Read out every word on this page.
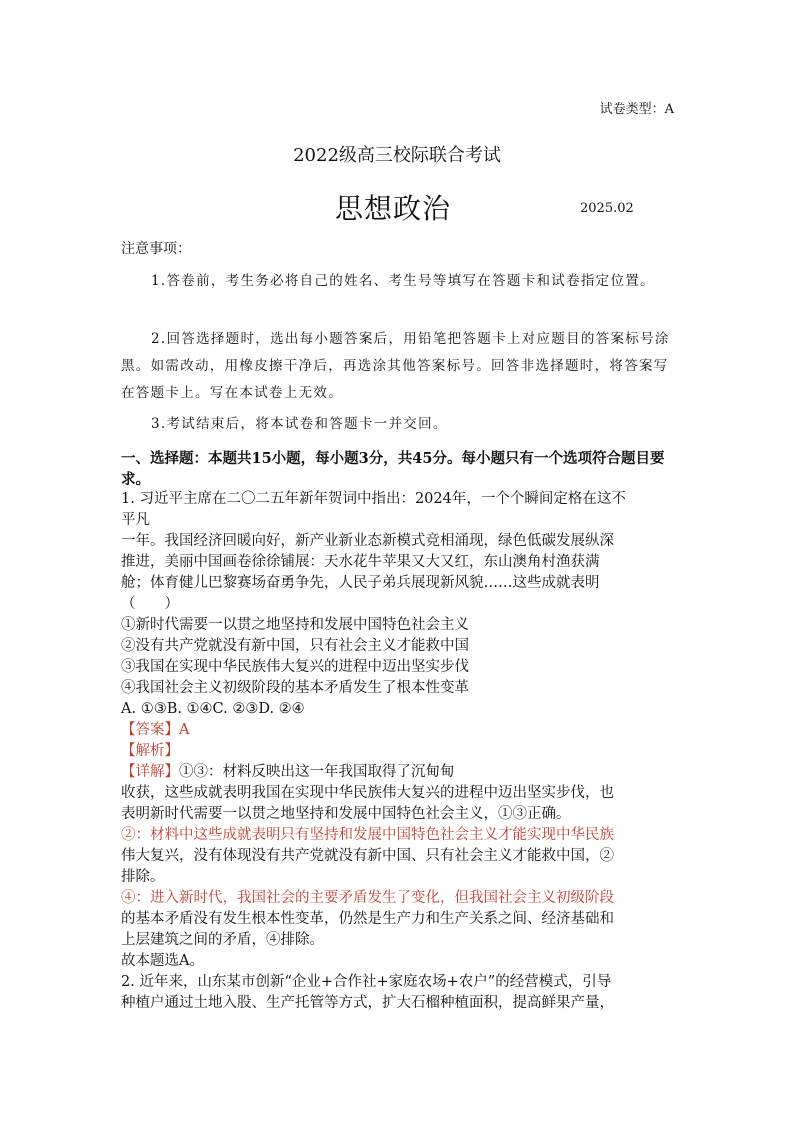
试卷类型：A
2022级高三校际联合考试
思想政治	2025.02
注意事项：

1.答卷前，考生务必将自己的姓名、考生号等填写在答题卡和试卷指定位置。

2.回答选择题时，选出每小题答案后，用铅笔把答题卡上对应题目的答案标号涂黑。如需改动，用橡皮擦干净后，再选涂其他答案标号。回答非选择题时，将答案写在答题卡上。写在本试卷上无效。

3.考试结束后，将本试卷和答题卡一并交回。

一、选择题：本题共15小题，每小题3分，共45分。每小题只有一个选项符合题目要求。
1. 习近平主席在二〇二五年新年贺词中指出：2024年，一个个瞬间定格在这不
平凡
一年。我国经济回暖向好，新产业新业态新模式竞相涌现，绿色低碳发展纵深
推进，美丽中国画卷徐徐铺展：天水花牛苹果又大又红，东山澳角村渔获满
舱；体育健儿巴黎赛场奋勇争先，人民子弟兵展现新风貌……这些成就表明
（　　）
①新时代需要一以贯之地坚持和发展中国特色社会主义
②没有共产党就没有新中国，只有社会主义才能救中国
③我国在实现中华民族伟大复兴的进程中迈出坚实步伐
④我国社会主义初级阶段的基本矛盾发生了根本性变革
A. ①③B. ①④C. ②③D. ②④
【答案】A
【解析】
【详解】①③：材料反映出这一年我国取得了沉甸甸
收获，这些成就表明我国在实现中华民族伟大复兴的进程中迈出坚实步伐，也
表明新时代需要一以贯之地坚持和发展中国特色社会主义，①③正确。
②：材料中这些成就表明只有坚持和发展中国特色社会主义才能实现中华民族
伟大复兴，没有体现没有共产党就没有新中国、只有社会主义才能救中国，②
排除。
④：进入新时代，我国社会的主要矛盾发生了变化，但我国社会主义初级阶段
的基本矛盾没有发生根本性变革，仍然是生产力和生产关系之间、经济基础和
上层建筑之间的矛盾，④排除。
故本题选A。
2. 近年来，山东某市创新“企业+合作社+家庭农场+农户”的经营模式，引导
种植户通过土地入股、生产托管等方式，扩大石榴种植面积，提高鲜果产量，
